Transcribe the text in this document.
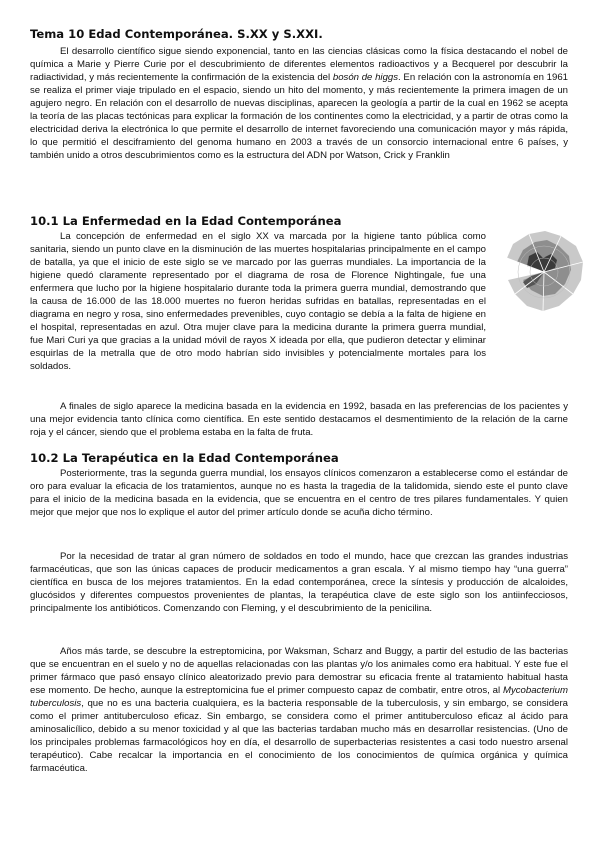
Tema 10 Edad Contemporánea. S.XX y S.XXI.

El desarrollo científico sigue siendo exponencial, tanto en las ciencias clásicas como la física destacando el nobel de química a Marie y Pierre Curie por el descubrimiento de diferentes elementos radioactivos y a Becquerel por descubrir la radiactividad, y más recientemente la confirmación de la existencia del bosón de higgs. En relación con la astronomía en 1961 se realiza el primer viaje tripulado en el espacio, siendo un hito del momento, y más recientemente la primera imagen de un agujero negro. En relación con el desarrollo de nuevas disciplinas, aparecen la geología a partir de la cual en 1962 se acepta la teoría de las placas tectónicas para explicar la formación de los continentes como la electricidad, y a partir de otras como la electricidad deriva la electrónica lo que permite el desarrollo de internet favoreciendo una comunicación mayor y más rápida, lo que permitió el desciframiento del genoma humano en 2003 a través de un consorcio internacional entre 6 países, y también unido a otros descubrimientos como es la estructura del ADN por Watson, Crick y Franklin

10.1 La Enfermedad en la Edad Contemporánea

La concepción de enfermedad en el siglo XX va marcada por la higiene tanto pública como sanitaria, siendo un punto clave en la disminución de las muertes hospitalarias principalmente en el campo de batalla, ya que el inicio de este siglo se ve marcado por las guerras mundiales. La importancia de la higiene quedó claramente representado por el diagrama de rosa de Florence Nightingale, fue una enfermera que lucho por la higiene hospitalario durante toda la primera guerra mundial, demostrando que la causa de 16.000 de las 18.000 muertes no fueron heridas sufridas en batallas, representadas en el diagrama en negro y rosa, sino enfermedades prevenibles, cuyo contagio se debía a la falta de higiene en el hospital, representadas en azul. Otra mujer clave para la medicina durante la primera guerra mundial, fue Mari Curi ya que gracias a la unidad móvil de rayos X ideada por ella, que pudieron detectar y eliminar esquirlas de la metralla que de otro modo habrían sido invisibles y potencialmente mortales para los soldados.

A finales de siglo aparece la medicina basada en la evidencia en 1992, basada en las preferencias de los pacientes y una mejor evidencia tanto clínica como científica. En este sentido destacamos el desmentimiento de la relación de la carne roja y el cáncer, siendo que el problema estaba en la falta de fruta.

10.2 La Terapéutica en la Edad Contemporánea

Posteriormente, tras la segunda guerra mundial, los ensayos clínicos comenzaron a establecerse como el estándar de oro para evaluar la eficacia de los tratamientos, aunque no es hasta la tragedia de la talidomida, siendo este el punto clave para el inicio de la medicina basada en la evidencia, que se encuentra en el centro de tres pilares fundamentales. Y quien mejor que mejor que nos lo explique el autor del primer artículo donde se acuña dicho término.

Por la necesidad de tratar al gran número de soldados en todo el mundo, hace que crezcan las grandes industrias farmacéuticas, que son las únicas capaces de producir medicamentos a gran escala. Y al mismo tiempo hay “una guerra” científica en busca de los mejores tratamientos. En la edad contemporánea, crece la síntesis y producción de alcaloides, glucósidos y diferentes compuestos provenientes de plantas, la terapéutica clave de este siglo son los antiinfecciosos, principalmente los antibióticos. Comenzando con Fleming, y el descubrimiento de la penicilina.

Años más tarde, se descubre la estreptomicina, por Waksman, Scharz and Buggy, a partir del estudio de las bacterias que se encuentran en el suelo y no de aquellas relacionadas con las plantas y/o los animales como era habitual. Y este fue el primer fármaco que pasó ensayo clínico aleatorizado previo para demostrar su eficacia frente al tratamiento habitual hasta ese momento. De hecho, aunque la estreptomicina fue el primer compuesto capaz de combatir, entre otros, al Mycobacterium tuberculosis, que no es una bacteria cualquiera, es la bacteria responsable de la tuberculosis, y sin embargo, se considera como el primer antituberculoso eficaz. Sin embargo, se considera como el primer antituberculoso eficaz al ácido para aminosalicílico, debido a su menor toxicidad y al que las bacterias tardaban mucho más en desarrollar resistencias. (Uno de los principales problemas farmacológicos hoy en día, el desarrollo de superbacterias resistentes a casi todo nuestro arsenal terapéutico). Cabe recalcar la importancia en el conocimiento de los conocimientos de química orgánica y química farmacéutica.
